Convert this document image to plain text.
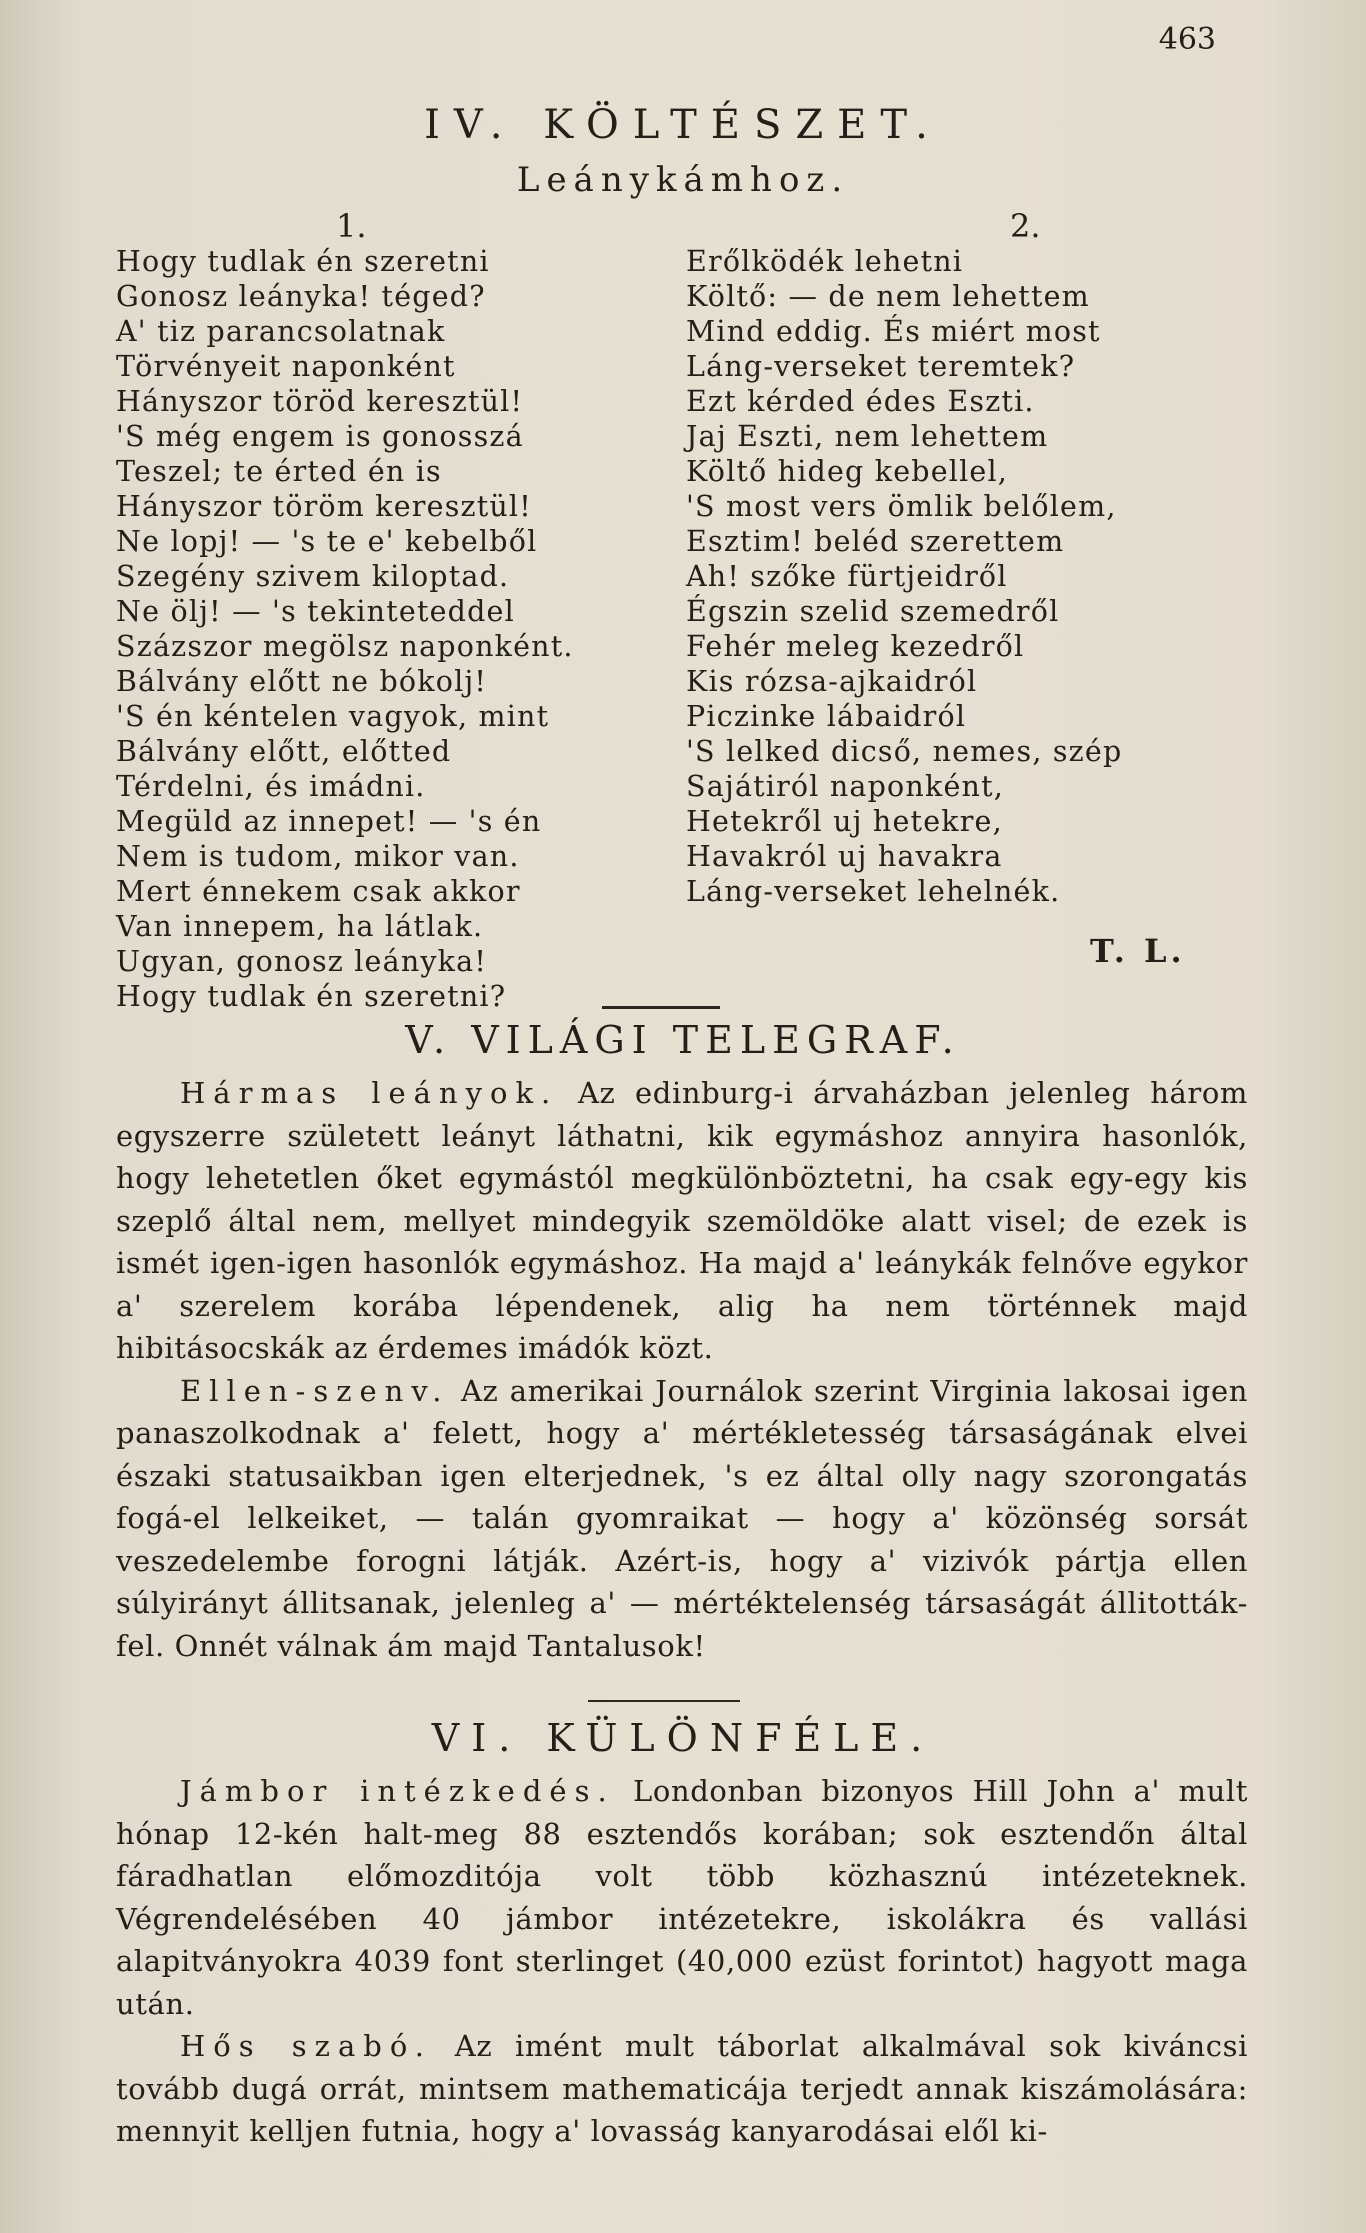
463
IV. KÖLTÉSZET.
Leánykámhoz.
1.	2.
Hogy tudlak én szeretni
Gonosz leányka! téged?
A' tiz parancsolatnak
Törvényeit naponként
Hányszor töröd keresztül!
'S még engem is gonosszá
Teszel; te érted én is
Hányszor töröm keresztül!
Ne lopj! — 's te e' kebelből
Szegény szivem kiloptad.
Ne ölj! — 's tekinteteddel
Százszor megölsz naponként.
Bálvány előtt ne bókolj!
'S én kéntelen vagyok, mint
Bálvány előtt, előtted
Térdelni, és imádni.
Megüld az innepet! — 's én
Nem is tudom, mikor van.
Mert énnekem csak akkor
Van innepem, ha látlak.
Ugyan, gonosz leányka!
Hogy tudlak én szeretni?
Erőlködék lehetni
Költő: — de nem lehettem
Mind eddig. És miért most
Láng-verseket teremtek?
Ezt kérded édes Eszti.
Jaj Eszti, nem lehettem
Költő hideg kebellel,
'S most vers ömlik belőlem,
Esztim! beléd szerettem
Ah! szőke fürtjeidről
Égszin szelid szemedről
Fehér meleg kezedről
Kis rózsa-ajkaidról
Piczinke lábaidról
'S lelked dicső, nemes, szép
Sajátiról naponként,
Hetekről uj hetekre,
Havakról uj havakra
Láng-verseket lehelnék.
T. L.
V. VILÁGI TELEGRAF.

Hármas leányok. Az edinburg-i árvaházban jelenleg három egyszerre született leányt láthatni, kik egymáshoz annyira hasonlók, hogy lehetetlen őket egymástól megkülönböztetni, ha csak egy-egy kis szeplő által nem, mellyet mindegyik szemöldöke alatt visel; de ezek is ismét igen-igen hasonlók egymáshoz. Ha majd a' leánykák felnőve egykor a' szerelem korába lépendenek, alig ha nem történnek majd hibitásocskák az érdemes imádók közt.

Ellen-szenv. Az amerikai Journálok szerint Virginia lakosai igen panaszolkodnak a' felett, hogy a' mértékletesség társaságának elvei északi statusaikban igen elterjednek, 's ez által olly nagy szorongatás fogá-el lelkeiket, — talán gyomraikat — hogy a' közönség sorsát veszedelembe forogni látják. Azért-is, hogy a' vizivók pártja ellen súlyirányt állitsanak, jelenleg a' — mértéktelenség társaságát állitották-fel. Onnét válnak ám majd Tantalusok!

VI. KÜLÖNFÉLE.

Jámbor intézkedés. Londonban bizonyos Hill John a' mult hónap 12-kén halt-meg 88 esztendős korában; sok esztendőn által fáradhatlan előmozditója volt több közhasznú intézeteknek. Végrendelésében 40 jámbor intézetekre, iskolákra és vallási alapitványokra 4039 font sterlinget (40,000 ezüst forintot) hagyott maga után.

Hős szabó. Az imént mult táborlat alkalmával sok kiváncsi tovább dugá orrát, mintsem mathematicája terjedt annak kiszámolására: mennyit kelljen futnia, hogy a' lovasság kanyarodásai elől ki-
